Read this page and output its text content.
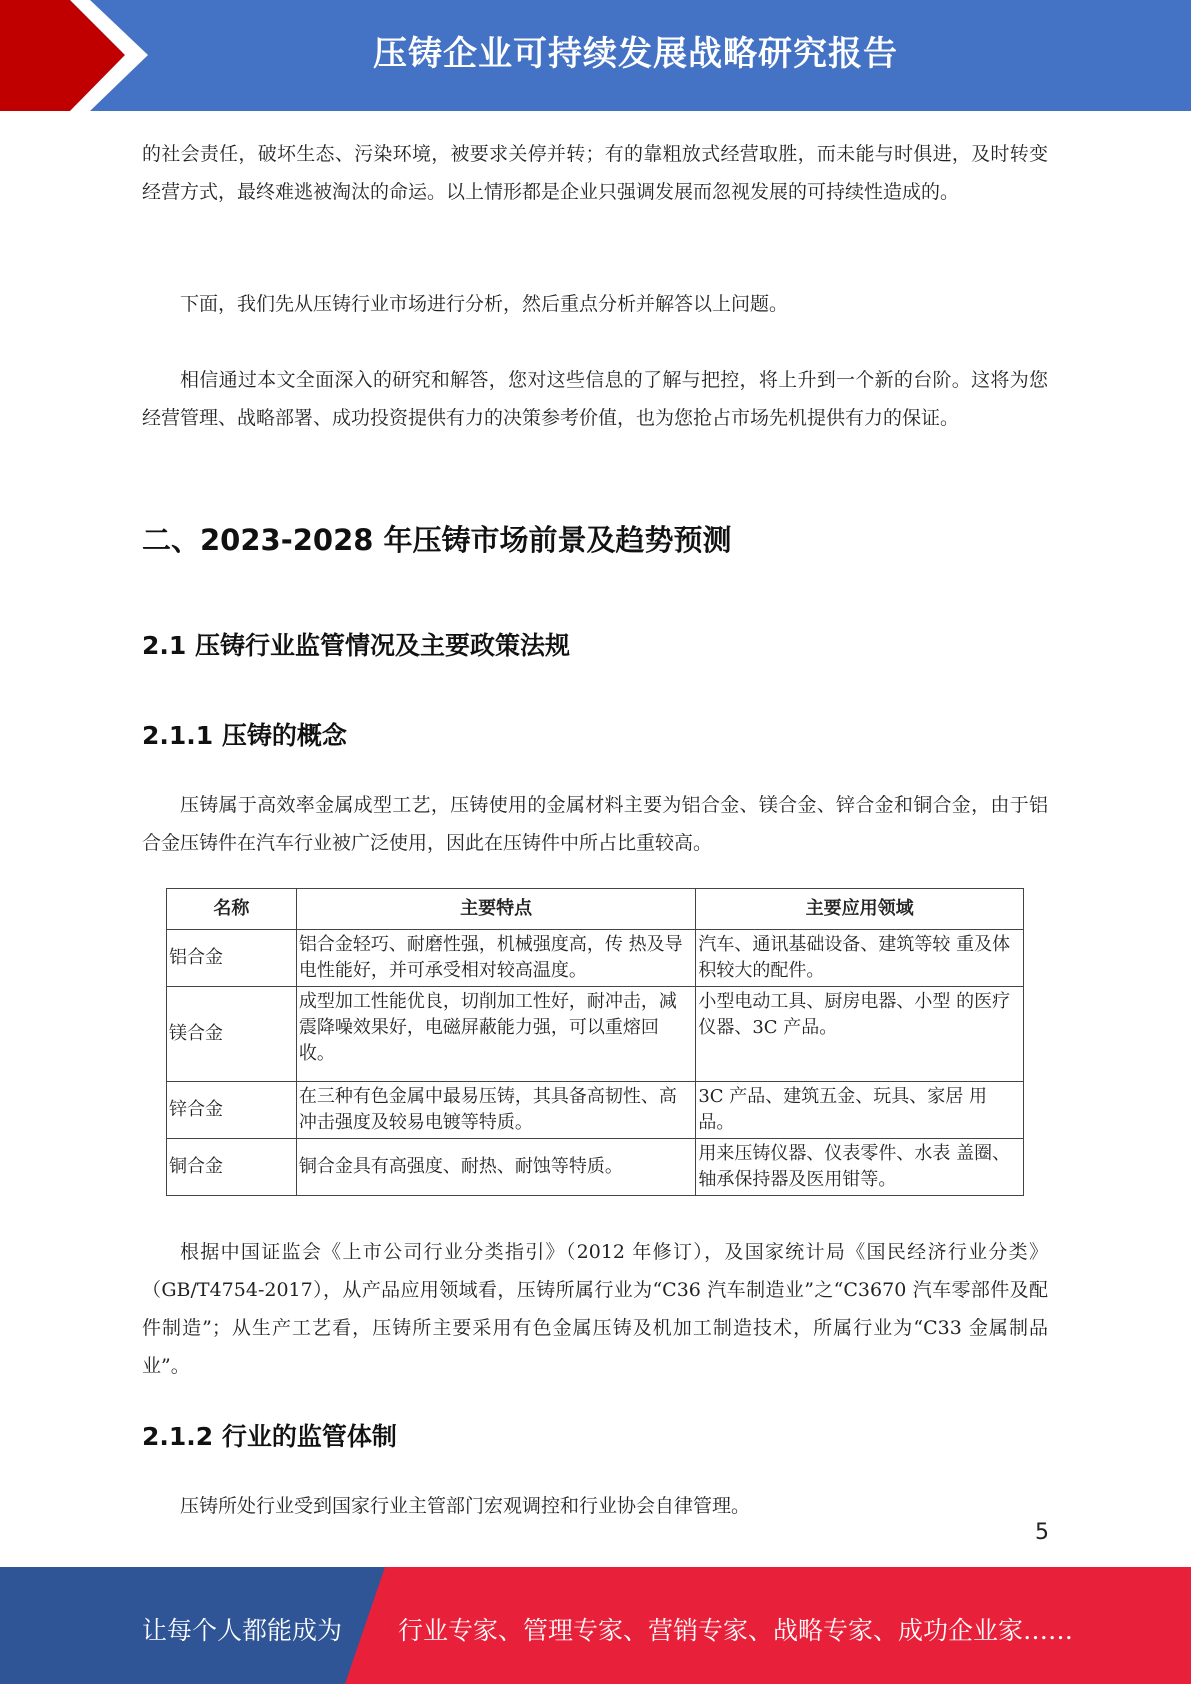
压铸企业可持续发展战略研究报告

的社会责任，破坏生态、污染环境，被要求关停并转；有的靠粗放式经营取胜，而未能与时俱进，及时转变经营方式，最终难逃被淘汰的命运。以上情形都是企业只强调发展而忽视发展的可持续性造成的。

下面，我们先从压铸行业市场进行分析，然后重点分析并解答以上问题。

相信通过本文全面深入的研究和解答，您对这些信息的了解与把控，将上升到一个新的台阶。这将为您经营管理、战略部署、成功投资提供有力的决策参考价值，也为您抢占市场先机提供有力的保证。

二、2023-2028 年压铸市场前景及趋势预测
2.1 压铸行业监管情况及主要政策法规
2.1.1 压铸的概念

压铸属于高效率金属成型工艺，压铸使用的金属材料主要为铝合金、镁合金、锌合金和铜合金，由于铝合金压铸件在汽车行业被广泛使用，因此在压铸件中所占比重较高。

名称	主要特点	主要应用领域
铝合金	铝合金轻巧、耐磨性强，机械强度高，传 热及导电性能好，并可承受相对较高温度。	汽车、通讯基础设备、建筑等较 重及体积较大的配件。
镁合金	成型加工性能优良，切削加工性好，耐冲击，减震降噪效果好，电磁屏蔽能力强，可以重熔回收。	小型电动工具、厨房电器、小型 的医疗仪器、3C 产品。
锌合金	在三种有色金属中最易压铸，其具备高韧性、高冲击强度及较易电镀等特质。	3C 产品、建筑五金、玩具、家居 用品。
铜合金	铜合金具有高强度、耐热、耐蚀等特质。	用来压铸仪器、仪表零件、水表 盖圈、轴承保持器及医用钳等。

根据中国证监会《上市公司行业分类指引》（2012 年修订），及国家统计局《国民经济行业分类》（GB/T4754-2017），从产品应用领域看，压铸所属行业为“C36 汽车制造业”之“C3670 汽车零部件及配件制造”；从生产工艺看，压铸所主要采用有色金属压铸及机加工制造技术，所属行业为“C33 金属制品业”。

2.1.2 行业的监管体制

压铸所处行业受到国家行业主管部门宏观调控和行业协会自律管理。

5
让每个人都能成为 行业专家、管理专家、营销专家、战略专家、成功企业家……
